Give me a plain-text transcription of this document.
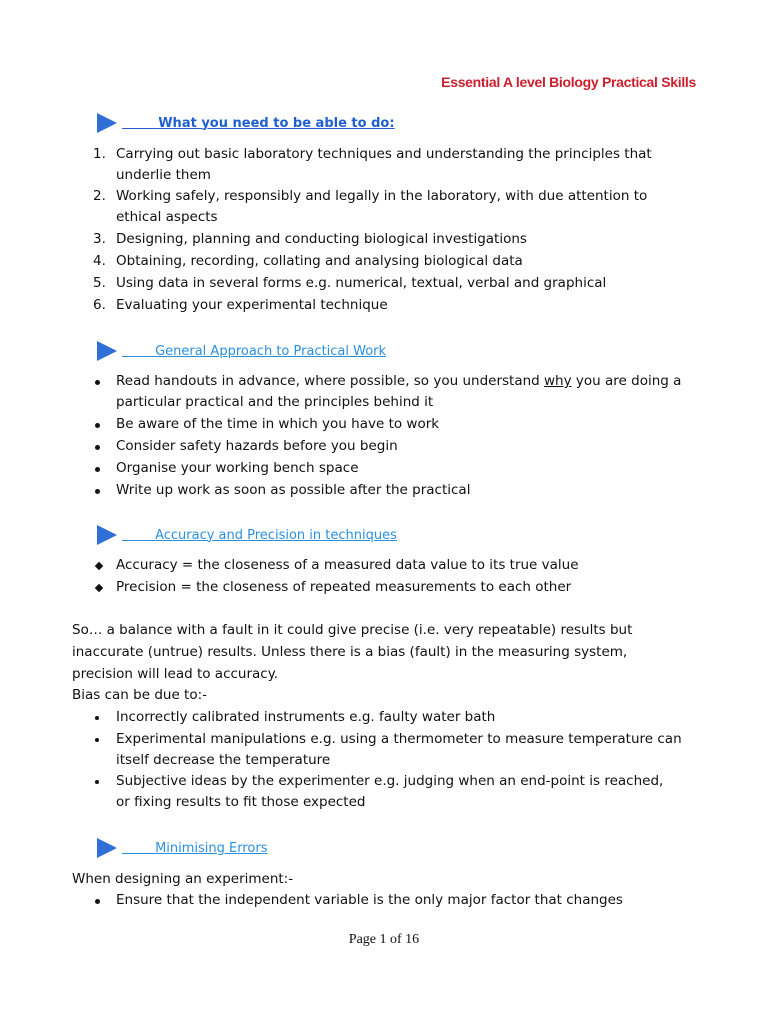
Essential A level Biology Practical Skills
What you need to be able to do:
1. Carrying out basic laboratory techniques and understanding the principles that
underlie them
2. Working safely, responsibly and legally in the laboratory, with due attention to
ethical aspects
3. Designing, planning and conducting biological investigations
4. Obtaining, recording, collating and analysing biological data
5. Using data in several forms e.g. numerical, textual, verbal and graphical
6. Evaluating your experimental technique
General Approach to Practical Work
Read handouts in advance, where possible, so you understand why you are doing a
particular practical and the principles behind it
Be aware of the time in which you have to work
Consider safety hazards before you begin
Organise your working bench space
Write up work as soon as possible after the practical
Accuracy and Precision in techniques
Accuracy = the closeness of a measured data value to its true value
Precision = the closeness of repeated measurements to each other
So… a balance with a fault in it could give precise (i.e. very repeatable) results but
inaccurate (untrue) results. Unless there is a bias (fault) in the measuring system,
precision will lead to accuracy.
Bias can be due to:-
Incorrectly calibrated instruments e.g. faulty water bath
Experimental manipulations e.g. using a thermometer to measure temperature can
itself decrease the temperature
Subjective ideas by the experimenter e.g. judging when an end-point is reached,
or fixing results to fit those expected
Minimising Errors
When designing an experiment:-
Ensure that the independent variable is the only major factor that changes
Page 1 of 16
